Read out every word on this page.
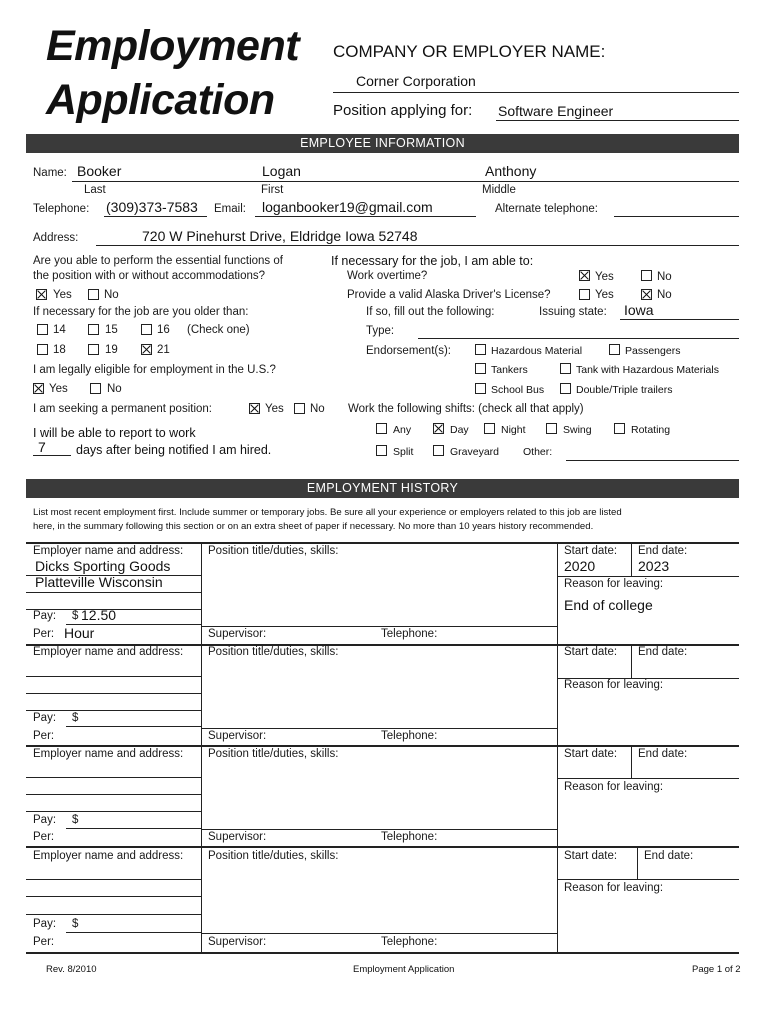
Employment
Application
COMPANY OR EMPLOYER NAME:
Corner Corporation
Position applying for: Software Engineer
EMPLOYEE INFORMATION
Name: Booker	Logan	Anthony
Last	First	Middle
Telephone: (309)373-7583 Email: loganbooker19@gmail.com	Alternate telephone:
Address:	720 W Pinehurst Drive, Eldridge Iowa 52748
Are you able to perform the essential functions of
the position with or without accommodations?
Yes	No
If necessary for the job are you older than:
14	15	16 (Check one)
18	19	21
I am legally eligible for employment in the U.S.?
Yes	No
I am seeking a permanent position:	Yes No
I will be able to report to work
7 days after being notified I am hired.
If necessary for the job, I am able to:
Work overtime?	Yes	No
Provide a valid Alaska Driver's License?	Yes	No
If so, fill out the following:	Issuing state: Iowa
Type:
Endorsement(s):	Hazardous Material	Passengers
Tankers	Tank with Hazardous Materials
School Bus	Double/Triple trailers
Work the following shifts: (check all that apply)
Any	Day	Night	Swing	Rotating
Split	Graveyard Other:
EMPLOYMENT HISTORY
List most recent employment first. Include summer or temporary jobs. Be sure all your experience or employers related to this job are listed
here, in the summary following this section or on an extra sheet of paper if necessary. No more than 10 years history recommended.
Employer name and address:
Dicks Sporting Goods
Platteville Wisconsin
Pay: $ 12.50
Per: Hour
Position title/duties, skills:
Supervisor:	Telephone:
Start date:
2020
End date:
2023
Reason for leaving:
End of college
Employer name and address:
Pay: $
Per:
Position title/duties, skills:
Supervisor:	Telephone:
Start date: End date:
Reason for leaving:
Employer name and address:
Pay: $
Per:
Position title/duties, skills:
Supervisor:	Telephone:
Start date: End date:
Reason for leaving:
Employer name and address:
Pay: $
Per:
Position title/duties, skills:
Supervisor:	Telephone:
Start date: End date:
Reason for leaving:
Rev. 8/2010	Employment Application	Page 1 of 2
